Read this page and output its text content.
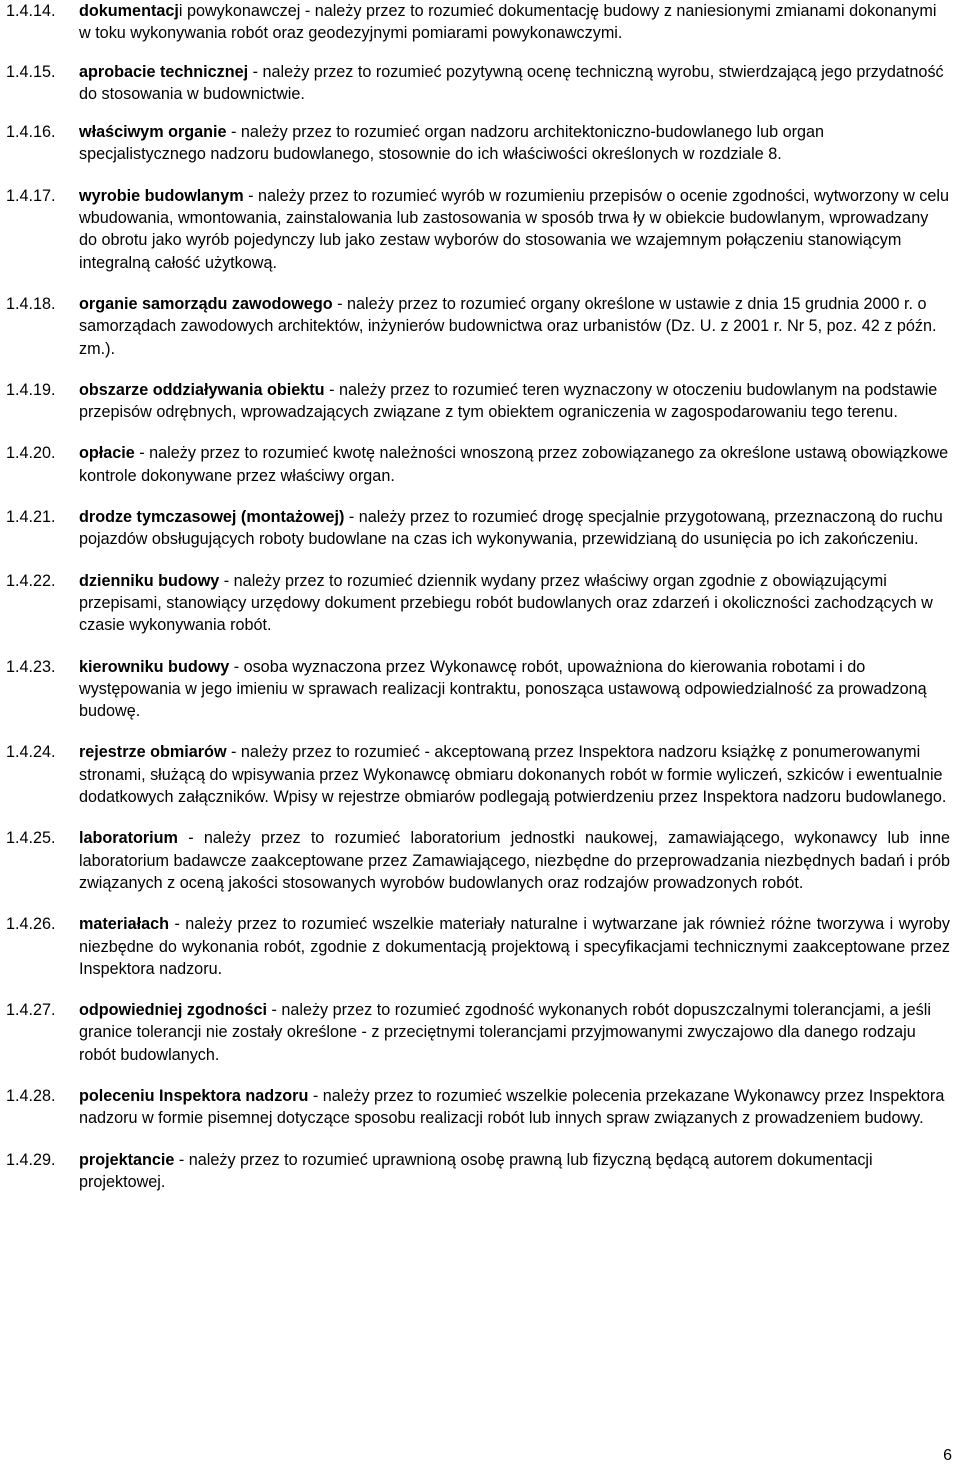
1.4.14.	dokumentacji powykonawczej - należy przez to rozumieć dokumentację budowy z naniesionymi zmianami dokonanymi w toku wykonywania robót oraz geodezyjnymi pomiarami powykonawczymi.
1.4.15.	aprobacie technicznej - należy przez to rozumieć pozytywną ocenę techniczną wyrobu, stwierdzającą jego przydatność do stosowania w budownictwie.
1.4.16.	właściwym organie - należy przez to rozumieć organ nadzoru architektoniczno-budowlanego lub organ specjalistycznego nadzoru budowlanego, stosownie do ich właściwości określonych w rozdziale 8.
1.4.17.	wyrobie budowlanym - należy przez to rozumieć wyrób w rozumieniu przepisów o ocenie zgodności, wytworzony w celu wbudowania, wmontowania, zainstalowania lub zastosowania w sposób trwa ły w obiekcie budowlanym, wprowadzany do obrotu jako wyrób pojedynczy lub jako zestaw wyborów do stosowania we wzajemnym połączeniu stanowiącym integralną całość użytkową.
1.4.18.	organie samorządu zawodowego - należy przez to rozumieć organy określone w ustawie z dnia 15 grudnia 2000 r. o samorządach zawodowych architektów, inżynierów budownictwa oraz urbanistów (Dz. U. z 2001 r. Nr 5, poz. 42 z późn. zm.).
1.4.19.	obszarze oddziaływania obiektu - należy przez to rozumieć teren wyznaczony w otoczeniu budowlanym na podstawie przepisów odrębnych, wprowadzających związane z tym obiektem ograniczenia w zagospodarowaniu tego terenu.
1.4.20.	opłacie - należy przez to rozumieć kwotę należności wnoszoną przez zobowiązanego za określone ustawą obowiązkowe kontrole dokonywane przez właściwy organ.
1.4.21.	drodze tymczasowej (montażowej) - należy przez to rozumieć drogę specjalnie przygotowaną, przeznaczoną do ruchu pojazdów obsługujących roboty budowlane na czas ich wykonywania, przewidzianą do usunięcia po ich zakończeniu.
1.4.22.	dzienniku budowy - należy przez to rozumieć dziennik wydany przez właściwy organ zgodnie z obowiązującymi przepisami, stanowiący urzędowy dokument przebiegu robót budowlanych oraz zdarzeń i okoliczności zachodzących w czasie wykonywania robót.
1.4.23.	kierowniku budowy - osoba wyznaczona przez Wykonawcę robót, upoważniona do kierowania robotami i do występowania w jego imieniu w sprawach realizacji kontraktu, ponosząca ustawową odpowiedzialność za prowadzoną budowę.
1.4.24.	rejestrze obmiarów - należy przez to rozumieć - akceptowaną przez Inspektora nadzoru książkę z ponumerowanymi stronami, służącą do wpisywania przez Wykonawcę obmiaru dokonanych robót w formie wyliczeń, szkiców i ewentualnie dodatkowych załączników. Wpisy w rejestrze obmiarów podlegają potwierdzeniu przez Inspektora nadzoru budowlanego.
1.4.25.	laboratorium - należy przez to rozumieć laboratorium jednostki naukowej, zamawiającego, wykonawcy lub inne laboratorium badawcze zaakceptowane przez Zamawiającego, niezbędne do przeprowadzania niezbędnych badań i prób związanych z oceną jakości stosowanych wyrobów budowlanych oraz rodzajów prowadzonych robót.
1.4.26.	materiałach - należy przez to rozumieć wszelkie materiały naturalne i wytwarzane jak również różne tworzywa i wyroby niezbędne do wykonania robót, zgodnie z dokumentacją projektową i specyfikacjami technicznymi zaakceptowane przez Inspektora nadzoru.
1.4.27.	odpowiedniej zgodności - należy przez to rozumieć zgodność wykonanych robót dopuszczalnymi tolerancjami, a jeśli granice tolerancji nie zostały określone - z przeciętnymi tolerancjami przyjmowanymi zwyczajowo dla danego rodzaju robót budowlanych.
1.4.28.	poleceniu Inspektora nadzoru - należy przez to rozumieć wszelkie polecenia przekazane Wykonawcy przez Inspektora nadzoru w formie pisemnej dotyczące sposobu realizacji robót lub innych spraw związanych z prowadzeniem budowy.
1.4.29.	projektancie - należy przez to rozumieć uprawnioną osobę prawną lub fizyczną będącą autorem dokumentacji projektowej.
6
